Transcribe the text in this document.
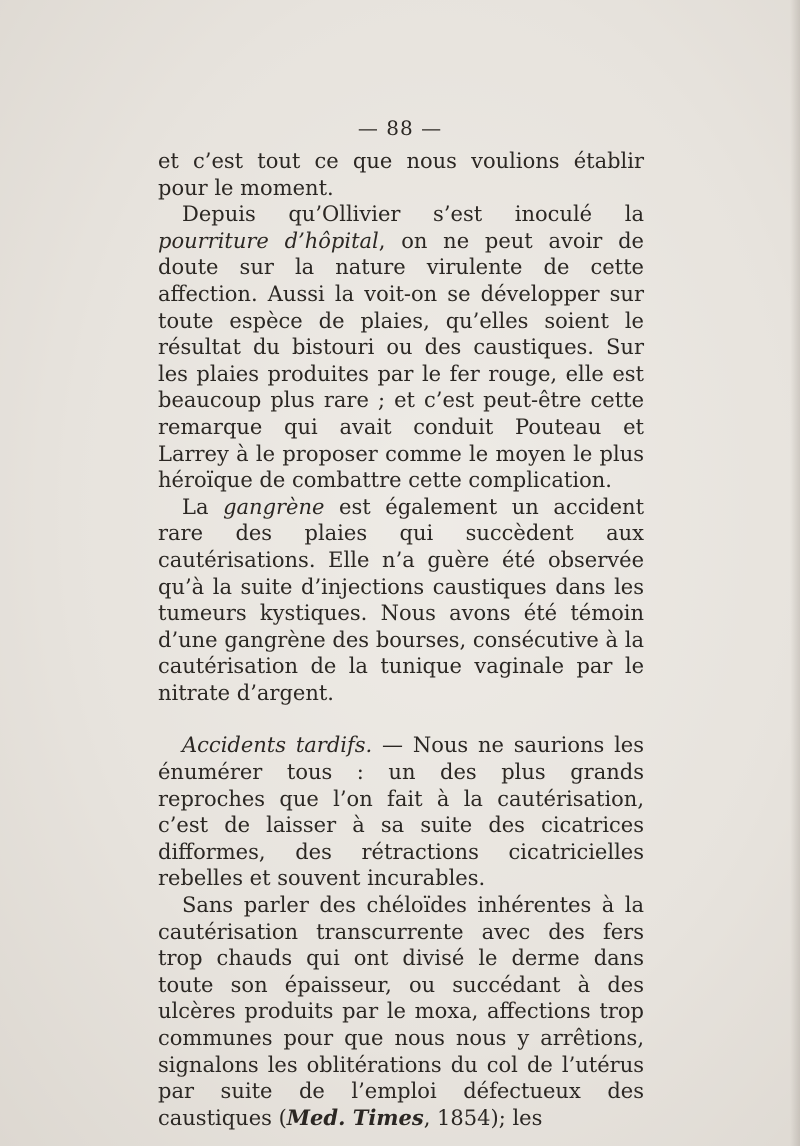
— 88 —

et c’est tout ce que nous voulions établir pour le moment.

Depuis qu’Ollivier s’est inoculé la pourriture d’hôpital, on ne peut avoir de doute sur la nature virulente de cette affection. Aussi la voit-on se développer sur toute espèce de plaies, qu’elles soient le résultat du bistouri ou des caustiques. Sur les plaies produites par le fer rouge, elle est beaucoup plus rare ; et c’est peut-être cette remarque qui avait conduit Pouteau et Larrey à le proposer comme le moyen le plus héroïque de combattre cette complication.

La gangrène est également un accident rare des plaies qui succèdent aux cautérisations. Elle n’a guère été observée qu’à la suite d’injections caustiques dans les tumeurs kystiques. Nous avons été témoin d’une gangrène des bourses, consécutive à la cautérisation de la tunique vaginale par le nitrate d’argent.

Accidents tardifs. — Nous ne saurions les énumérer tous : un des plus grands reproches que l’on fait à la cautérisation, c’est de laisser à sa suite des cicatrices difformes, des rétractions cicatricielles rebelles et souvent incurables.

Sans parler des chéloïdes inhérentes à la cautérisation transcurrente avec des fers trop chauds qui ont divisé le derme dans toute son épaisseur, ou succédant à des ulcères produits par le moxa, affections trop communes pour que nous nous y arrêtions, signalons les oblitérations du col de l’utérus par suite de l’emploi défectueux des caustiques (Med. Times, 1854); les
